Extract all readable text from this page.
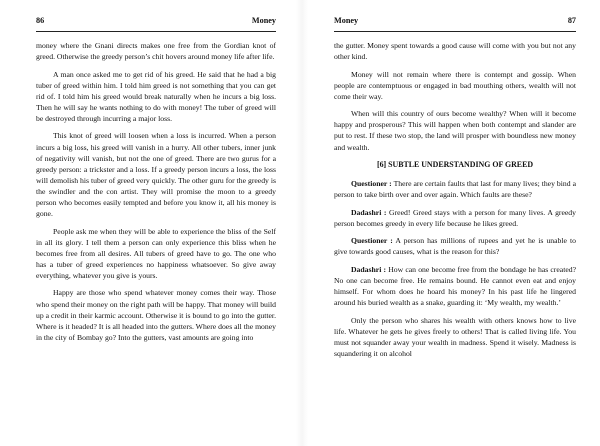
86	Money

money where the Gnani directs makes one free from the Gordian knot of greed. Otherwise the greedy person’s chit hovers around money life after life.

A man once asked me to get rid of his greed. He said that he had a big tuber of greed within him. I told him greed is not something that you can get rid of. I told him his greed would break naturally when he incurs a big loss. Then he will say he wants nothing to do with money! The tuber of greed will be destroyed through incurring a major loss.

This knot of greed will loosen when a loss is incurred. When a person incurs a big loss, his greed will vanish in a hurry. All other tubers, inner junk of negativity will vanish, but not the one of greed. There are two gurus for a greedy person: a trickster and a loss. If a greedy person incurs a loss, the loss will demolish his tuber of greed very quickly. The other guru for the greedy is the swindler and the con artist. They will promise the moon to a greedy person who becomes easily tempted and before you know it, all his money is gone.

People ask me when they will be able to experience the bliss of the Self in all its glory. I tell them a person can only experience this bliss when he becomes free from all desires. All tubers of greed have to go. The one who has a tuber of greed experiences no happiness whatsoever. So give away everything, whatever you give is yours.

Happy are those who spend whatever money comes their way. Those who spend their money on the right path will be happy. That money will build up a credit in their karmic account. Otherwise it is bound to go into the gutter. Where is it headed? It is all headed into the gutters. Where does all the money in the city of Bombay go? Into the gutters, vast amounts are going into

Money	87

the gutter. Money spent towards a good cause will come with you but not any other kind.

Money will not remain where there is contempt and gossip. When people are contemptuous or engaged in bad mouthing others, wealth will not come their way.

When will this country of ours become wealthy? When will it become happy and prosperous? This will happen when both contempt and slander are put to rest. If these two stop, the land will prosper with boundless new money and wealth.

[6] SUBTLE UNDERSTANDING OF GREED

Questioner : There are certain faults that last for many lives; they bind a person to take birth over and over again. Which faults are these?

Dadashri : Greed! Greed stays with a person for many lives. A greedy person becomes greedy in every life because he likes greed.

Questioner : A person has millions of rupees and yet he is unable to give towards good causes, what is the reason for this?

Dadashri : How can one become free from the bondage he has created? No one can become free. He remains bound. He cannot even eat and enjoy himself. For whom does he hoard his money? In his past life he lingered around his buried wealth as a snake, guarding it: ‘My wealth, my wealth.’

Only the person who shares his wealth with others knows how to live life. Whatever he gets he gives freely to others! That is called living life. You must not squander away your wealth in madness. Spend it wisely. Madness is squandering it on alcohol
